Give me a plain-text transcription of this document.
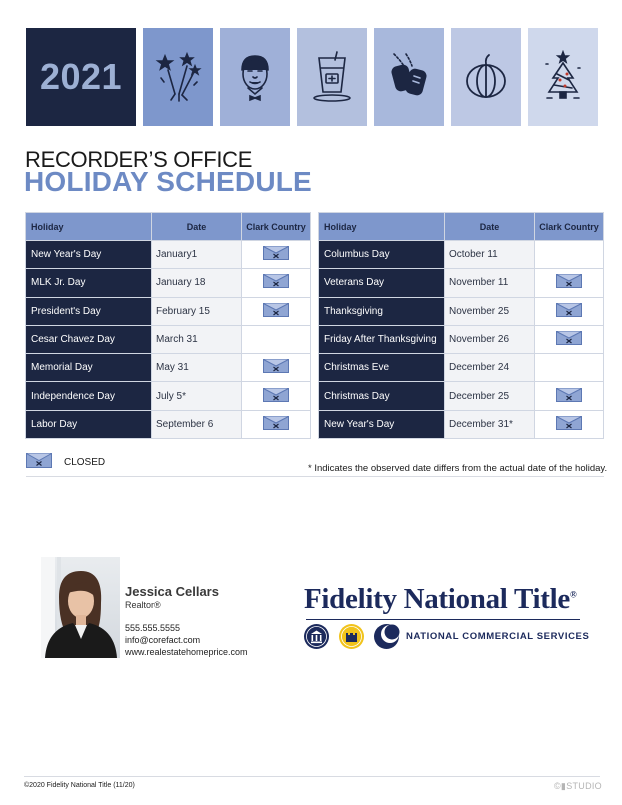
2021
RECORDER’S OFFICE
HOLIDAY SCHEDULE
Holiday	Date	Clark Country
New Year's Day	January1	
MLK Jr. Day	January 18	
President's Day	February 15	
Cesar Chavez Day	March 31	
Memorial Day	May 31	
Independence Day	July 5*	
Labor Day	September 6	
Holiday	Date	Clark Country
Columbus Day	October 11	
Veterans Day	November 11	
Thanksgiving	November 25	
Friday After Thanksgiving	November 26	
Christmas Eve	December 24	
Christmas Day	December 25	
New Year's Day	December 31*	
CLOSED
* Indicates the observed date differs from the actual date of the holiday.
Jessica Cellars
Realtor®
555.555.5555
info@corefact.com
www.realestatehomeprice.com
Fidelity National Title®
NATIONAL COMMERCIAL SERVICES
©2020 Fidelity National Title (11/20)	©▮STUDIO
